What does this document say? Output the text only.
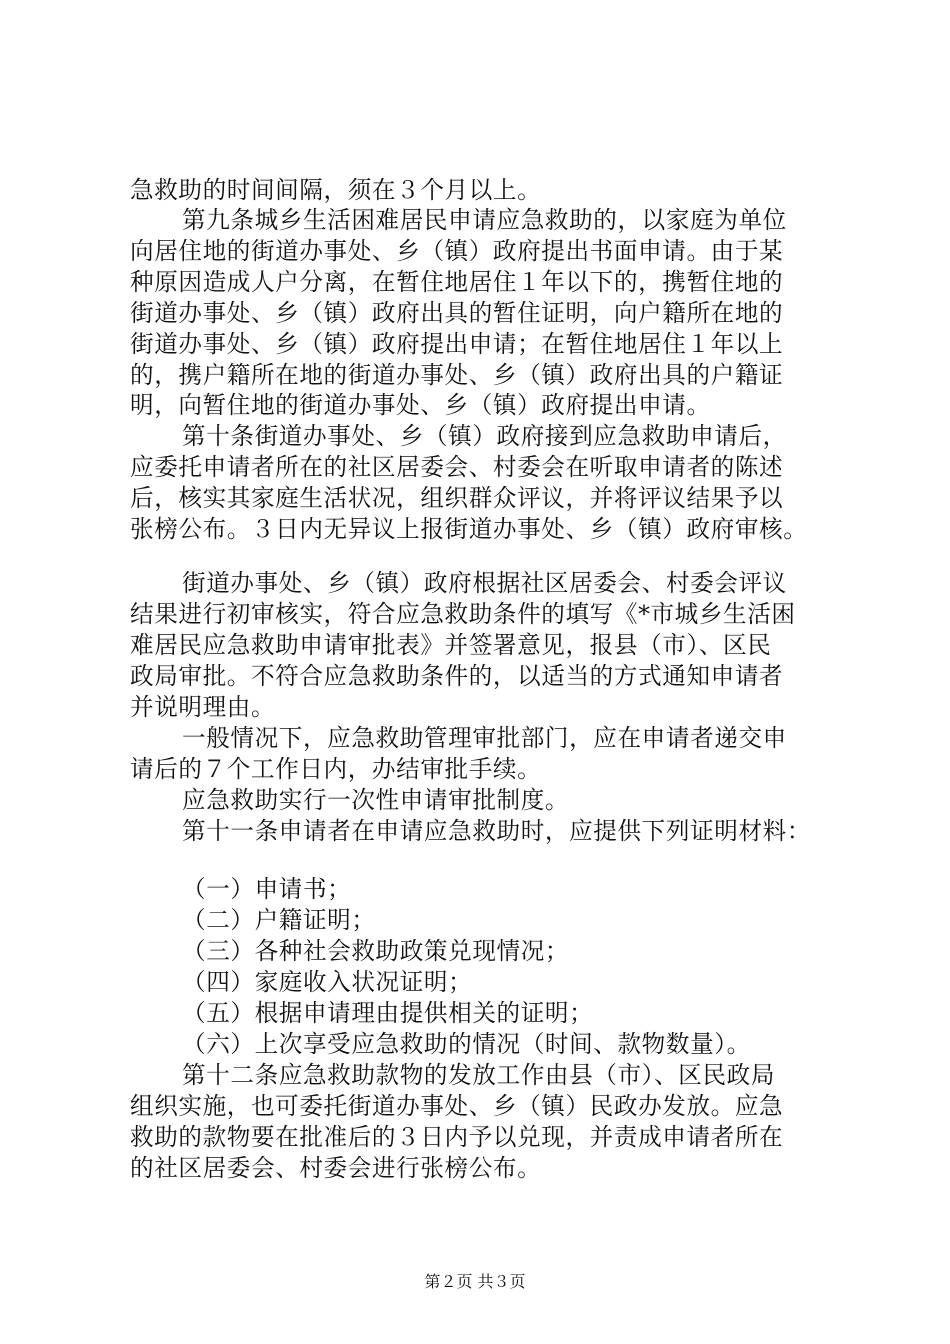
急救助的时间间隔，须在３个月以上。
第九条城乡生活困难居民申请应急救助的，以家庭为单位
向居住地的街道办事处、乡（镇）政府提出书面申请。由于某
种原因造成人户分离，在暂住地居住１年以下的，携暂住地的
街道办事处、乡（镇）政府出具的暂住证明，向户籍所在地的
街道办事处、乡（镇）政府提出申请；在暂住地居住１年以上
的，携户籍所在地的街道办事处、乡（镇）政府出具的户籍证
明，向暂住地的街道办事处、乡（镇）政府提出申请。
第十条街道办事处、乡（镇）政府接到应急救助申请后，
应委托申请者所在的社区居委会、村委会在听取申请者的陈述
后，核实其家庭生活状况，组织群众评议，并将评议结果予以
张榜公布。３日内无异议上报街道办事处、乡（镇）政府审核。
街道办事处、乡（镇）政府根据社区居委会、村委会评议
结果进行初审核实，符合应急救助条件的填写《*市城乡生活困
难居民应急救助申请审批表》并签署意见，报县（市）、区民
政局审批。不符合应急救助条件的，以适当的方式通知申请者
并说明理由。
一般情况下，应急救助管理审批部门，应在申请者递交申
请后的７个工作日内，办结审批手续。
应急救助实行一次性申请审批制度。
第十一条申请者在申请应急救助时，应提供下列证明材料：
（一）申请书；
（二）户籍证明；
（三）各种社会救助政策兑现情况；
（四）家庭收入状况证明；
（五）根据申请理由提供相关的证明；
（六）上次享受应急救助的情况（时间、款物数量）。
第十二条应急救助款物的发放工作由县（市）、区民政局
组织实施，也可委托街道办事处、乡（镇）民政办发放。应急
救助的款物要在批准后的３日内予以兑现，并责成申请者所在
的社区居委会、村委会进行张榜公布。
第２页 共３页
